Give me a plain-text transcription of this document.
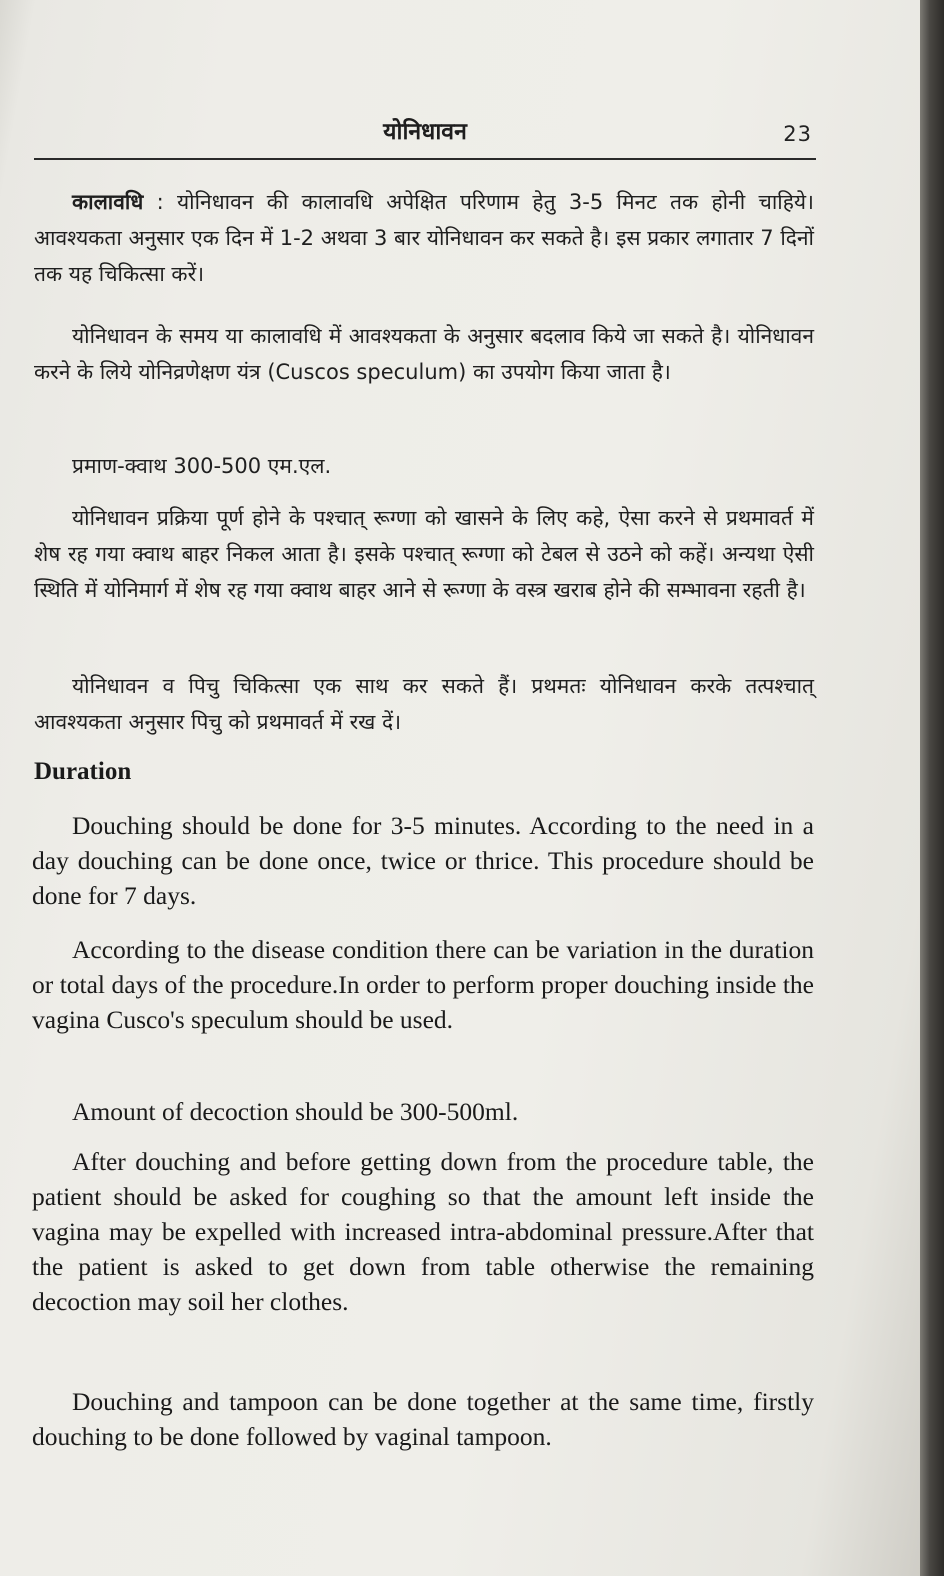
योनिधावन	23

कालावधि : योनिधावन की कालावधि अपेक्षित परिणाम हेतु 3-5 मिनट तक होनी चाहिये। आवश्यकता अनुसार एक दिन में 1-2 अथवा 3 बार योनिधावन कर सकते है। इस प्रकार लगातार 7 दिनों तक यह चिकित्सा करें।

योनिधावन के समय या कालावधि में आवश्यकता के अनुसार बदलाव किये जा सकते है। योनिधावन करने के लिये योनिव्रणेक्षण यंत्र (Cuscos speculum) का उपयोग किया जाता है।

प्रमाण-क्वाथ 300-500 एम.एल.

योनिधावन प्रक्रिया पूर्ण होने के पश्चात् रूग्णा को खासने के लिए कहे, ऐसा करने से प्रथमावर्त में शेष रह गया क्वाथ बाहर निकल आता है। इसके पश्चात् रूग्णा को टेबल से उठने को कहें। अन्यथा ऐसी स्थिति में योनिमार्ग में शेष रह गया क्वाथ बाहर आने से रूग्णा के वस्त्र खराब होने की सम्भावना रहती है।

योनिधावन व पिचु चिकित्सा एक साथ कर सकते हैं। प्रथमतः योनिधावन करके तत्पश्चात् आवश्यकता अनुसार पिचु को प्रथमावर्त में रख दें।

Duration

Douching should be done for 3-5 minutes. According to the need in a day douching can be done once, twice or thrice. This procedure should be done for 7 days.

According to the disease condition there can be variation in the duration or total days of the procedure.In order to perform proper douching inside the vagina Cusco's speculum should be used.

Amount of decoction should be 300-500ml.

After douching and before getting down from the procedure table, the patient should be asked for coughing so that the amount left inside the vagina may be expelled with increased intra-abdominal pressure.After that the patient is asked to get down from table otherwise the remaining decoction may soil her clothes.

Douching and tampoon can be done together at the same time, firstly douching to be done followed by vaginal tampoon.
